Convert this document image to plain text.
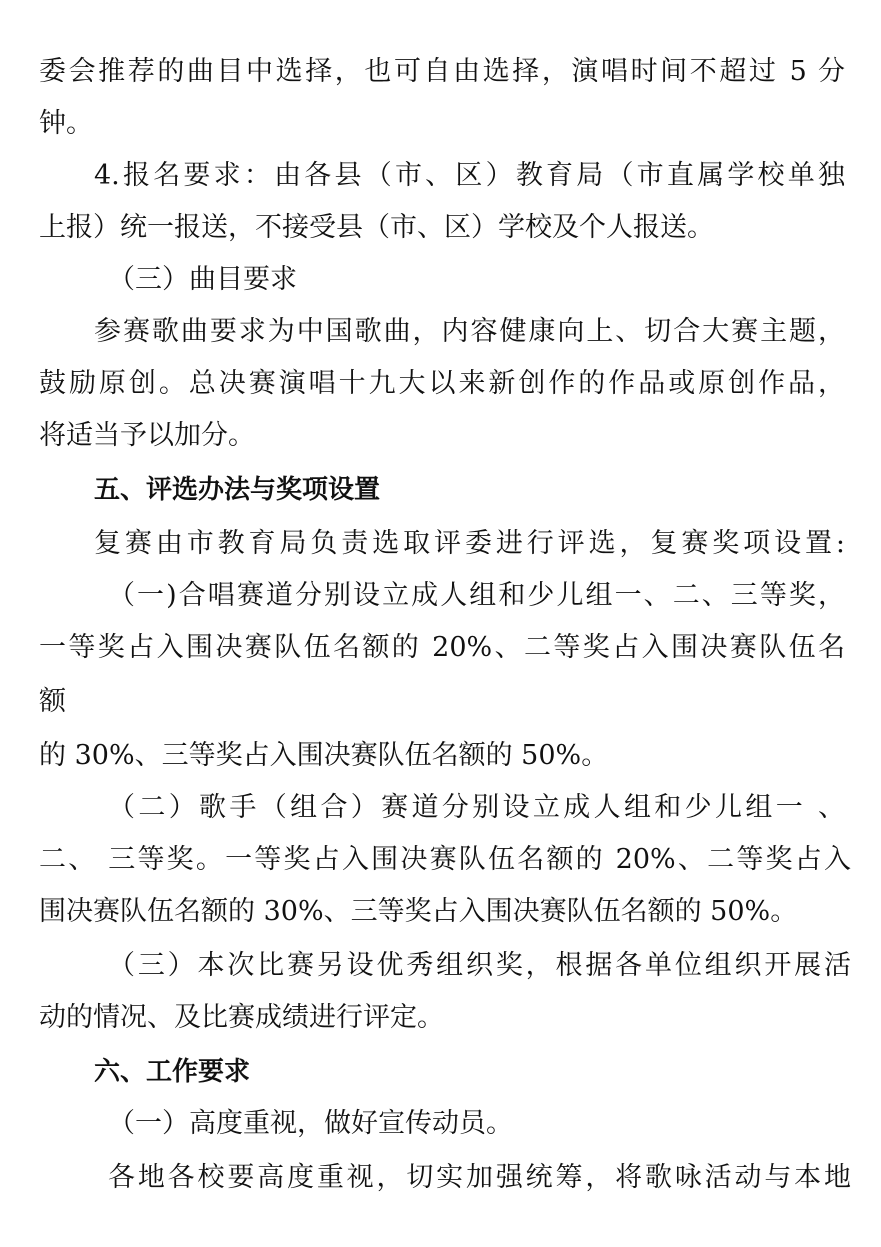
委会推荐的曲目中选择，也可自由选择，演唱时间不超过 5 分
钟。
4.报名要求：由各县（市、区）教育局（市直属学校单独
上报）统一报送，不接受县（市、区）学校及个人报送。
（三）曲目要求
参赛歌曲要求为中国歌曲，内容健康向上、切合大赛主题，
鼓励原创。总决赛演唱十九大以来新创作的作品或原创作品，
将适当予以加分。
五、评选办法与奖项设置
复赛由市教育局负责选取评委进行评选，复赛奖项设置:
（一)合唱赛道分别设立成人组和少儿组一、二、三等奖，
一等奖占入围决赛队伍名额的 20%、二等奖占入围决赛队伍名
额
的 30%、三等奖占入围决赛队伍名额的 50%。
（二）歌手（组合）赛道分别设立成人组和少儿组一 、
二、 三等奖。一等奖占入围决赛队伍名额的 20%、二等奖占入
围决赛队伍名额的 30%、三等奖占入围决赛队伍名额的 50%。
（三）本次比赛另设优秀组织奖，根据各单位组织开展活
动的情况、及比赛成绩进行评定。
六、工作要求
（一）高度重视，做好宣传动员。
各地各校要高度重视，切实加强统筹，将歌咏活动与本地
